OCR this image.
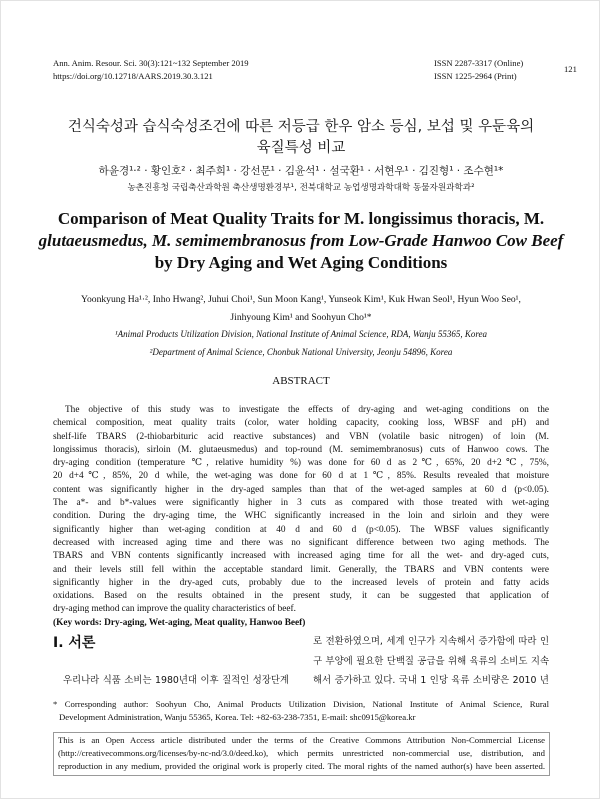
Ann. Anim. Resour. Sci. 30(3):121~132 September 2019
https://doi.org/10.12718/AARS.2019.30.3.121
ISSN 2287-3317 (Online)
ISSN 1225-2964 (Print)
121
건식숙성과 습식숙성조건에 따른 저등급 한우 암소 등심, 보섭 및 우둔육의
육질특성 비교
하윤경¹·² · 황인호² · 최주희¹ · 강선문¹ · 김윤석¹ · 설국환¹ · 서현우¹ · 김진형¹ · 조수현¹*
농촌진흥청 국립축산과학원 축산생명환경부¹, 전북대학교 농업생명과학대학 동물자원과학과²
Comparison of Meat Quality Traits for M. longissimus thoracis, M.
glutaeusmedus, M. semimembranosus from Low-Grade Hanwoo Cow Beef
by Dry Aging and Wet Aging Conditions
Yoonkyung Ha¹·², Inho Hwang², Juhui Choi¹, Sun Moon Kang¹, Yunseok Kim¹, Kuk Hwan Seol¹, Hyun Woo Seo¹,
Jinhyoung Kim¹ and Soohyun Cho¹*
¹Animal Products Utilization Division, National Institute of Animal Science, RDA, Wanju 55365, Korea
²Department of Animal Science, Chonbuk National University, Jeonju 54896, Korea
ABSTRACT
The objective of this study was to investigate the effects of dry-aging and wet-aging conditions on the
chemical composition, meat quality traits (color, water holding capacity, cooking loss, WBSF and pH) and
shelf-life TBARS (2-thiobarbituric acid reactive substances) and VBN (volatile basic nitrogen) of loin (M.
longissimus thoracis), sirloin (M. glutaeusmedus) and top-round (M. semimembranosus) cuts of Hanwoo cows. The
dry-aging condition (temperature ℃, relative humidity %) was done for 60 d as 2℃, 65%, 20 d+2℃, 75%,
20 d+4℃, 85%, 20 d while, the wet-aging was done for 60 d at 1℃, 85%. Results revealed that moisture
content was significantly higher in the dry-aged samples than that of the wet-aged samples at 60 d (p<0.05).
The a*- and b*-values were significantly higher in 3 cuts as compared with those treated with wet-aging
condition. During the dry-aging time, the WHC significantly increased in the loin and sirloin and they were
significantly higher than wet-aging condition at 40 d and 60 d (p<0.05). The WBSF values significantly
decreased with increased aging time and there was no significant difference between two aging methods. The
TBARS and VBN contents significantly increased with increased aging time for all the wet- and dry-aged cuts,
and their levels still fell within the acceptable standard limit. Generally, the TBARS and VBN contents were
significantly higher in the dry-aged cuts, probably due to the increased levels of protein and fatty acids
oxidations. Based on the results obtained in the present study, it can be suggested that application of
dry-aging method can improve the quality characteristics of beef.
(Key words: Dry-aging, Wet-aging, Meat quality, Hanwoo Beef)
Ⅰ. 서론
우리나라 식품 소비는 1980년대 이후 질적인 성장단계
로 전환하였으며, 세계 인구가 지속해서 증가함에 따라 인
구 부양에 필요한 단백질 공급을 위해 육류의 소비도 지속
해서 증가하고 있다. 국내 1 인당 육류 소비량은 2010 년
* Corresponding author: Soohyun Cho, Animal Products Utilization Division, National Institute of Animal Science, Rural
Development Administration, Wanju 55365, Korea. Tel: +82-63-238-7351, E-mail: shc0915@korea.kr
This is an Open Access article distributed under the terms of the Creative Commons Attribution Non-Commercial License
(http://creativecommons.org/licenses/by-nc-nd/3.0/deed.ko), which permits unrestricted non-commercial use, distribution, and
reproduction in any medium, provided the original work is properly cited. The moral rights of the named author(s) have been asserted.
